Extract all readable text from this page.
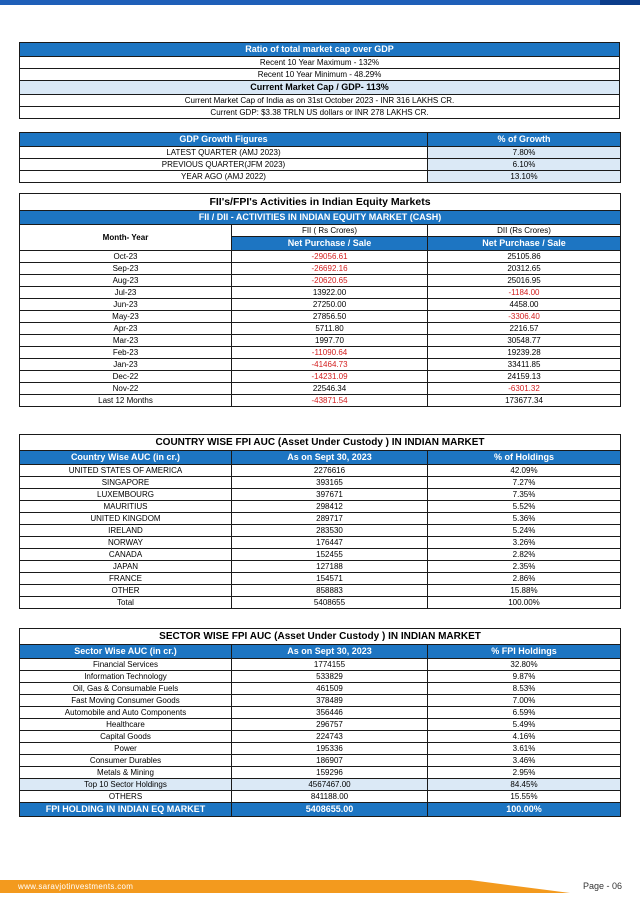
Ratio of total market cap over GDP
Recent 10 Year Maximum - 132%
Recent 10 Year Minimum - 48.29%
Current Market Cap / GDP- 113%
Current Market Cap of India as on 31st October 2023 - INR 316 LAKHS CR.
Current GDP: $3.38 TRLN US dollars or INR 278 LAKHS CR.
GDP Growth Figures	% of Growth
LATEST QUARTER (AMJ 2023)	7.80%
PREVIOUS QUARTER(JFM 2023)	6.10%
YEAR AGO (AMJ 2022)	13.10%
FII's/FPI's Activities in Indian Equity Markets		
FII / DII - ACTIVITIES IN INDIAN EQUITY MARKET (CASH)		
Month- Year	FII ( Rs Crores)	DII (Rs Crores)
	Net Purchase / Sale	Net Purchase / Sale
Oct-23	-29056.61	25105.86
Sep-23	-26692.16	20312.65
Aug-23	-20620.65	25016.95
Jul-23	13922.00	-1184.00
Jun-23	27250.00	4458.00
May-23	27856.50	-3306.40
Apr-23	5711.80	2216.57
Mar-23	1997.70	30548.77
Feb-23	-11090.64	19239.28
Jan-23	-41464.73	33411.85
Dec-22	-14231.09	24159.13
Nov-22	22546.34	-6301.32
Last 12 Months	-43871.54	173677.34
COUNTRY WISE FPI AUC (Asset Under Custody ) IN INDIAN MARKET		
Country Wise AUC (in cr.)	As on Sept 30, 2023	% of Holdings
UNITED STATES OF AMERICA	2276616	42.09%
SINGAPORE	393165	7.27%
LUXEMBOURG	397671	7.35%
MAURITIUS	298412	5.52%
UNITED KINGDOM	289717	5.36%
IRELAND	283530	5.24%
NORWAY	176447	3.26%
CANADA	152455	2.82%
JAPAN	127188	2.35%
FRANCE	154571	2.86%
OTHER	858883	15.88%
Total	5408655	100.00%
SECTOR WISE FPI AUC (Asset Under Custody ) IN INDIAN MARKET		
Sector Wise AUC (in cr.)	As on Sept 30, 2023	% FPI Holdings
Financial Services	1774155	32.80%
Information Technology	533829	9.87%
Oil, Gas & Consumable Fuels	461509	8.53%
Fast Moving Consumer Goods	378489	7.00%
Automobile and Auto Components	356446	6.59%
Healthcare	296757	5.49%
Capital Goods	224743	4.16%
Power	195336	3.61%
Consumer Durables	186907	3.46%
Metals & Mining	159296	2.95%
Top 10 Sector Holdings	4567467.00	84.45%
OTHERS	841188.00	15.55%
FPI HOLDING IN INDIAN EQ MARKET	5408655.00	100.00%
www.saravjotinvestments.com	Page - 06
